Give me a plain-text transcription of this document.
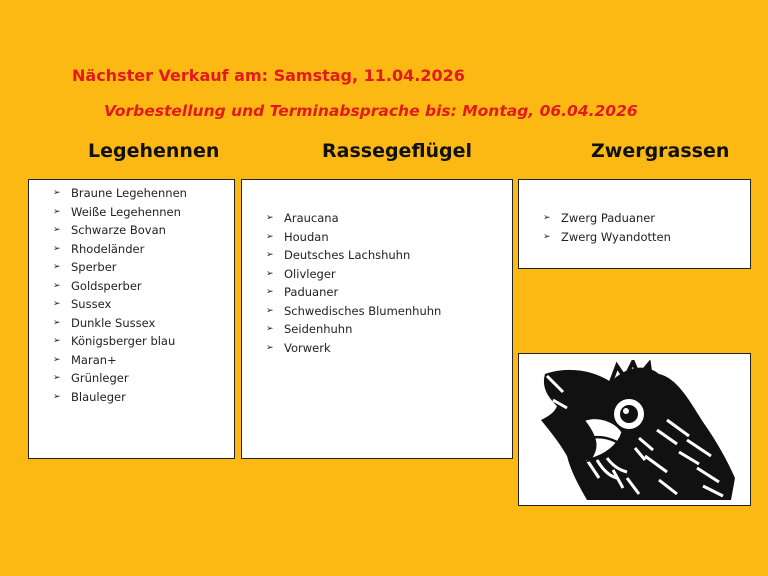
Nächster Verkauf am: Samstag, 11.04.2026
Vorbestellung und Terminabsprache bis: Montag, 06.04.2026
Legehennen	Rassegeflügel	Zwergrassen
➢ Braune Legehennen
➢ Weiße Legehennen
➢ Schwarze Bovan
➢ Rhodeländer
➢ Sperber
➢ Goldsperber
➢ Sussex
➢ Dunkle Sussex
➢ Königsberger blau
➢ Maran+
➢ Grünleger
➢ Blauleger
➢ Araucana
➢ Houdan
➢ Deutsches Lachshuhn
➢ Olivleger
➢ Paduaner
➢ Schwedisches Blumenhuhn
➢ Seidenhuhn
➢ Vorwerk
➢ Zwerg Paduaner
➢ Zwerg Wyandotten
